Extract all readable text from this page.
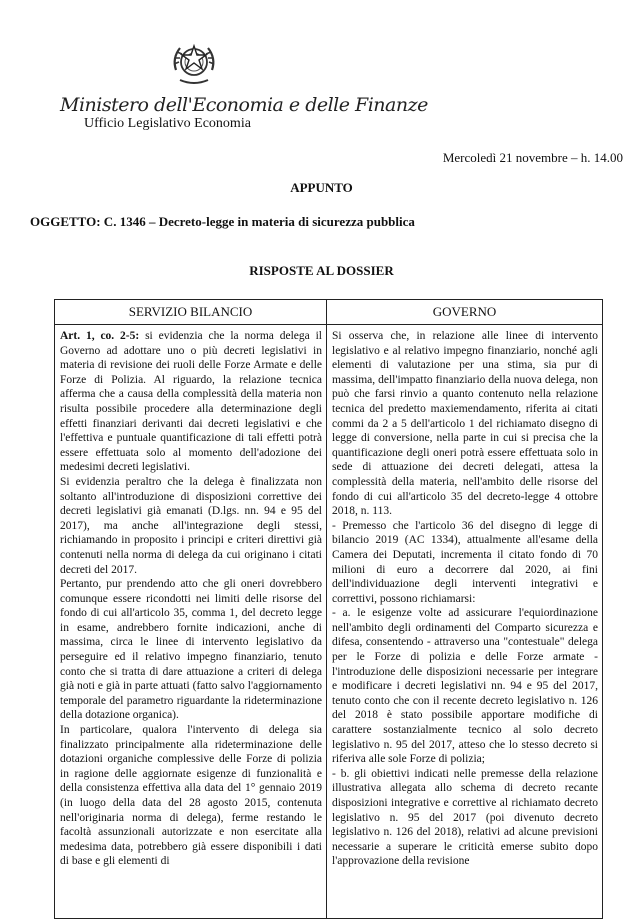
Ministero dell'Economia e delle Finanze
Ufficio Legislativo Economia
Mercoledì 21 novembre – h. 14.00
APPUNTO
OGGETTO: C. 1346 – Decreto-legge in materia di sicurezza pubblica
RISPOSTE AL DOSSIER
SERVIZIO BILANCIO

Art. 1, co. 2-5: si evidenzia che la norma delega il Governo ad adottare uno o più decreti legislativi in materia di revisione dei ruoli delle Forze Armate e delle Forze di Polizia. Al riguardo, la relazione tecnica afferma che a causa della complessità della materia non risulta possibile procedere alla determinazione degli effetti finanziari derivanti dai decreti legislativi e che l'effettiva e puntuale quantificazione di tali effetti potrà essere effettuata solo al momento dell'adozione dei medesimi decreti legislativi.

Si evidenzia peraltro che la delega è finalizzata non soltanto all'introduzione di disposizioni correttive dei decreti legislativi già emanati (D.lgs. nn. 94 e 95 del 2017), ma anche all'integrazione degli stessi, richiamando in proposito i principi e criteri direttivi già contenuti nella norma di delega da cui originano i citati decreti del 2017.

Pertanto, pur prendendo atto che gli oneri dovrebbero comunque essere ricondotti nei limiti delle risorse del fondo di cui all'articolo 35, comma 1, del decreto legge in esame, andrebbero fornite indicazioni, anche di massima, circa le linee di intervento legislativo da perseguire ed il relativo impegno finanziario, tenuto conto che si tratta di dare attuazione a criteri di delega già noti e già in parte attuati (fatto salvo l'aggiornamento temporale del parametro riguardante la rideterminazione della dotazione organica).

In particolare, qualora l'intervento di delega sia finalizzato principalmente alla rideterminazione delle dotazioni organiche complessive delle Forze di polizia in ragione delle aggiornate esigenze di funzionalità e della consistenza effettiva alla data del 1° gennaio 2019 (in luogo della data del 28 agosto 2015, contenuta nell'originaria norma di delega), ferme restando le facoltà assunzionali autorizzate e non esercitate alla medesima data, potrebbero già essere disponibili i dati di base e gli elementi di

GOVERNO

Si osserva che, in relazione alle linee di intervento legislativo e al relativo impegno finanziario, nonché agli elementi di valutazione per una stima, sia pur di massima, dell'impatto finanziario della nuova delega, non può che farsi rinvio a quanto contenuto nella relazione tecnica del predetto maxiemendamento, riferita ai citati commi da 2 a 5 dell'articolo 1 del richiamato disegno di legge di conversione, nella parte in cui si precisa che la quantificazione degli oneri potrà essere effettuata solo in sede di attuazione dei decreti delegati, attesa la complessità della materia, nell'ambito delle risorse del fondo di cui all'articolo 35 del decreto-legge 4 ottobre 2018, n. 113.

- Premesso che l'articolo 36 del disegno di legge di bilancio 2019 (AC 1334), attualmente all'esame della Camera dei Deputati, incrementa il citato fondo di 70 milioni di euro a decorrere dal 2020, ai fini dell'individuazione degli interventi integrativi e correttivi, possono richiamarsi:

- a. le esigenze volte ad assicurare l'equiordinazione nell'ambito degli ordinamenti del Comparto sicurezza e difesa, consentendo - attraverso una "contestuale" delega per le Forze di polizia e delle Forze armate - l'introduzione delle disposizioni necessarie per integrare e modificare i decreti legislativi nn. 94 e 95 del 2017, tenuto conto che con il recente decreto legislativo n. 126 del 2018 è stato possibile apportare modifiche di carattere sostanzialmente tecnico al solo decreto legislativo n. 95 del 2017, atteso che lo stesso decreto si riferiva alle sole Forze di polizia;

- b. gli obiettivi indicati nelle premesse della relazione illustrativa allegata allo schema di decreto recante disposizioni integrative e correttive al richiamato decreto legislativo n. 95 del 2017 (poi divenuto decreto legislativo n. 126 del 2018), relativi ad alcune previsioni necessarie a superare le criticità emerse subito dopo l'approvazione della revisione
